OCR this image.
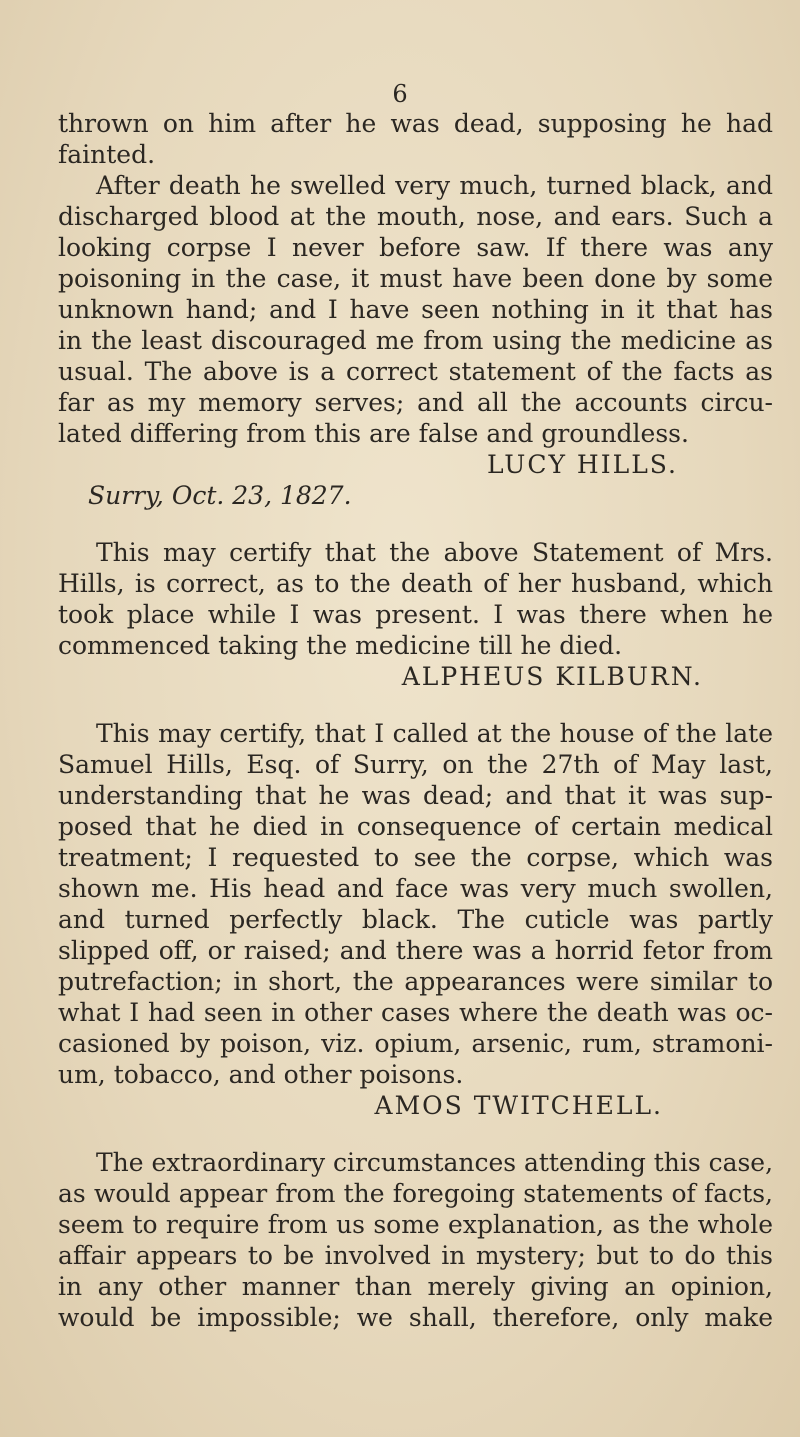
6
thrown on him after he was dead, supposing he had
fainted.
After death he swelled very much, turned black, and
discharged blood at the mouth, nose, and ears. Such a
looking corpse I never before saw. If there was any
poisoning in the case, it must have been done by some
unknown hand; and I have seen nothing in it that has
in the least discouraged me from using the medicine as
usual. The above is a correct statement of the facts as
far as my memory serves; and all the accounts circu-
lated differing from this are false and groundless.
LUCY HILLS.
Surry, Oct. 23, 1827.
This may certify that the above Statement of Mrs.
Hills, is correct, as to the death of her husband, which
took place while I was present. I was there when he
commenced taking the medicine till he died.
ALPHEUS KILBURN.
This may certify, that I called at the house of the late
Samuel Hills, Esq. of Surry, on the 27th of May last,
understanding that he was dead; and that it was sup-
posed that he died in consequence of certain medical
treatment; I requested to see the corpse, which was
shown me. His head and face was very much swollen,
and turned perfectly black. The cuticle was partly
slipped off, or raised; and there was a horrid fetor from
putrefaction; in short, the appearances were similar to
what I had seen in other cases where the death was oc-
casioned by poison, viz. opium, arsenic, rum, stramoni-
um, tobacco, and other poisons.
AMOS TWITCHELL.
The extraordinary circumstances attending this case,
as would appear from the foregoing statements of facts,
seem to require from us some explanation, as the whole
affair appears to be involved in mystery; but to do this
in any other manner than merely giving an opinion,
would be impossible; we shall, therefore, only make
